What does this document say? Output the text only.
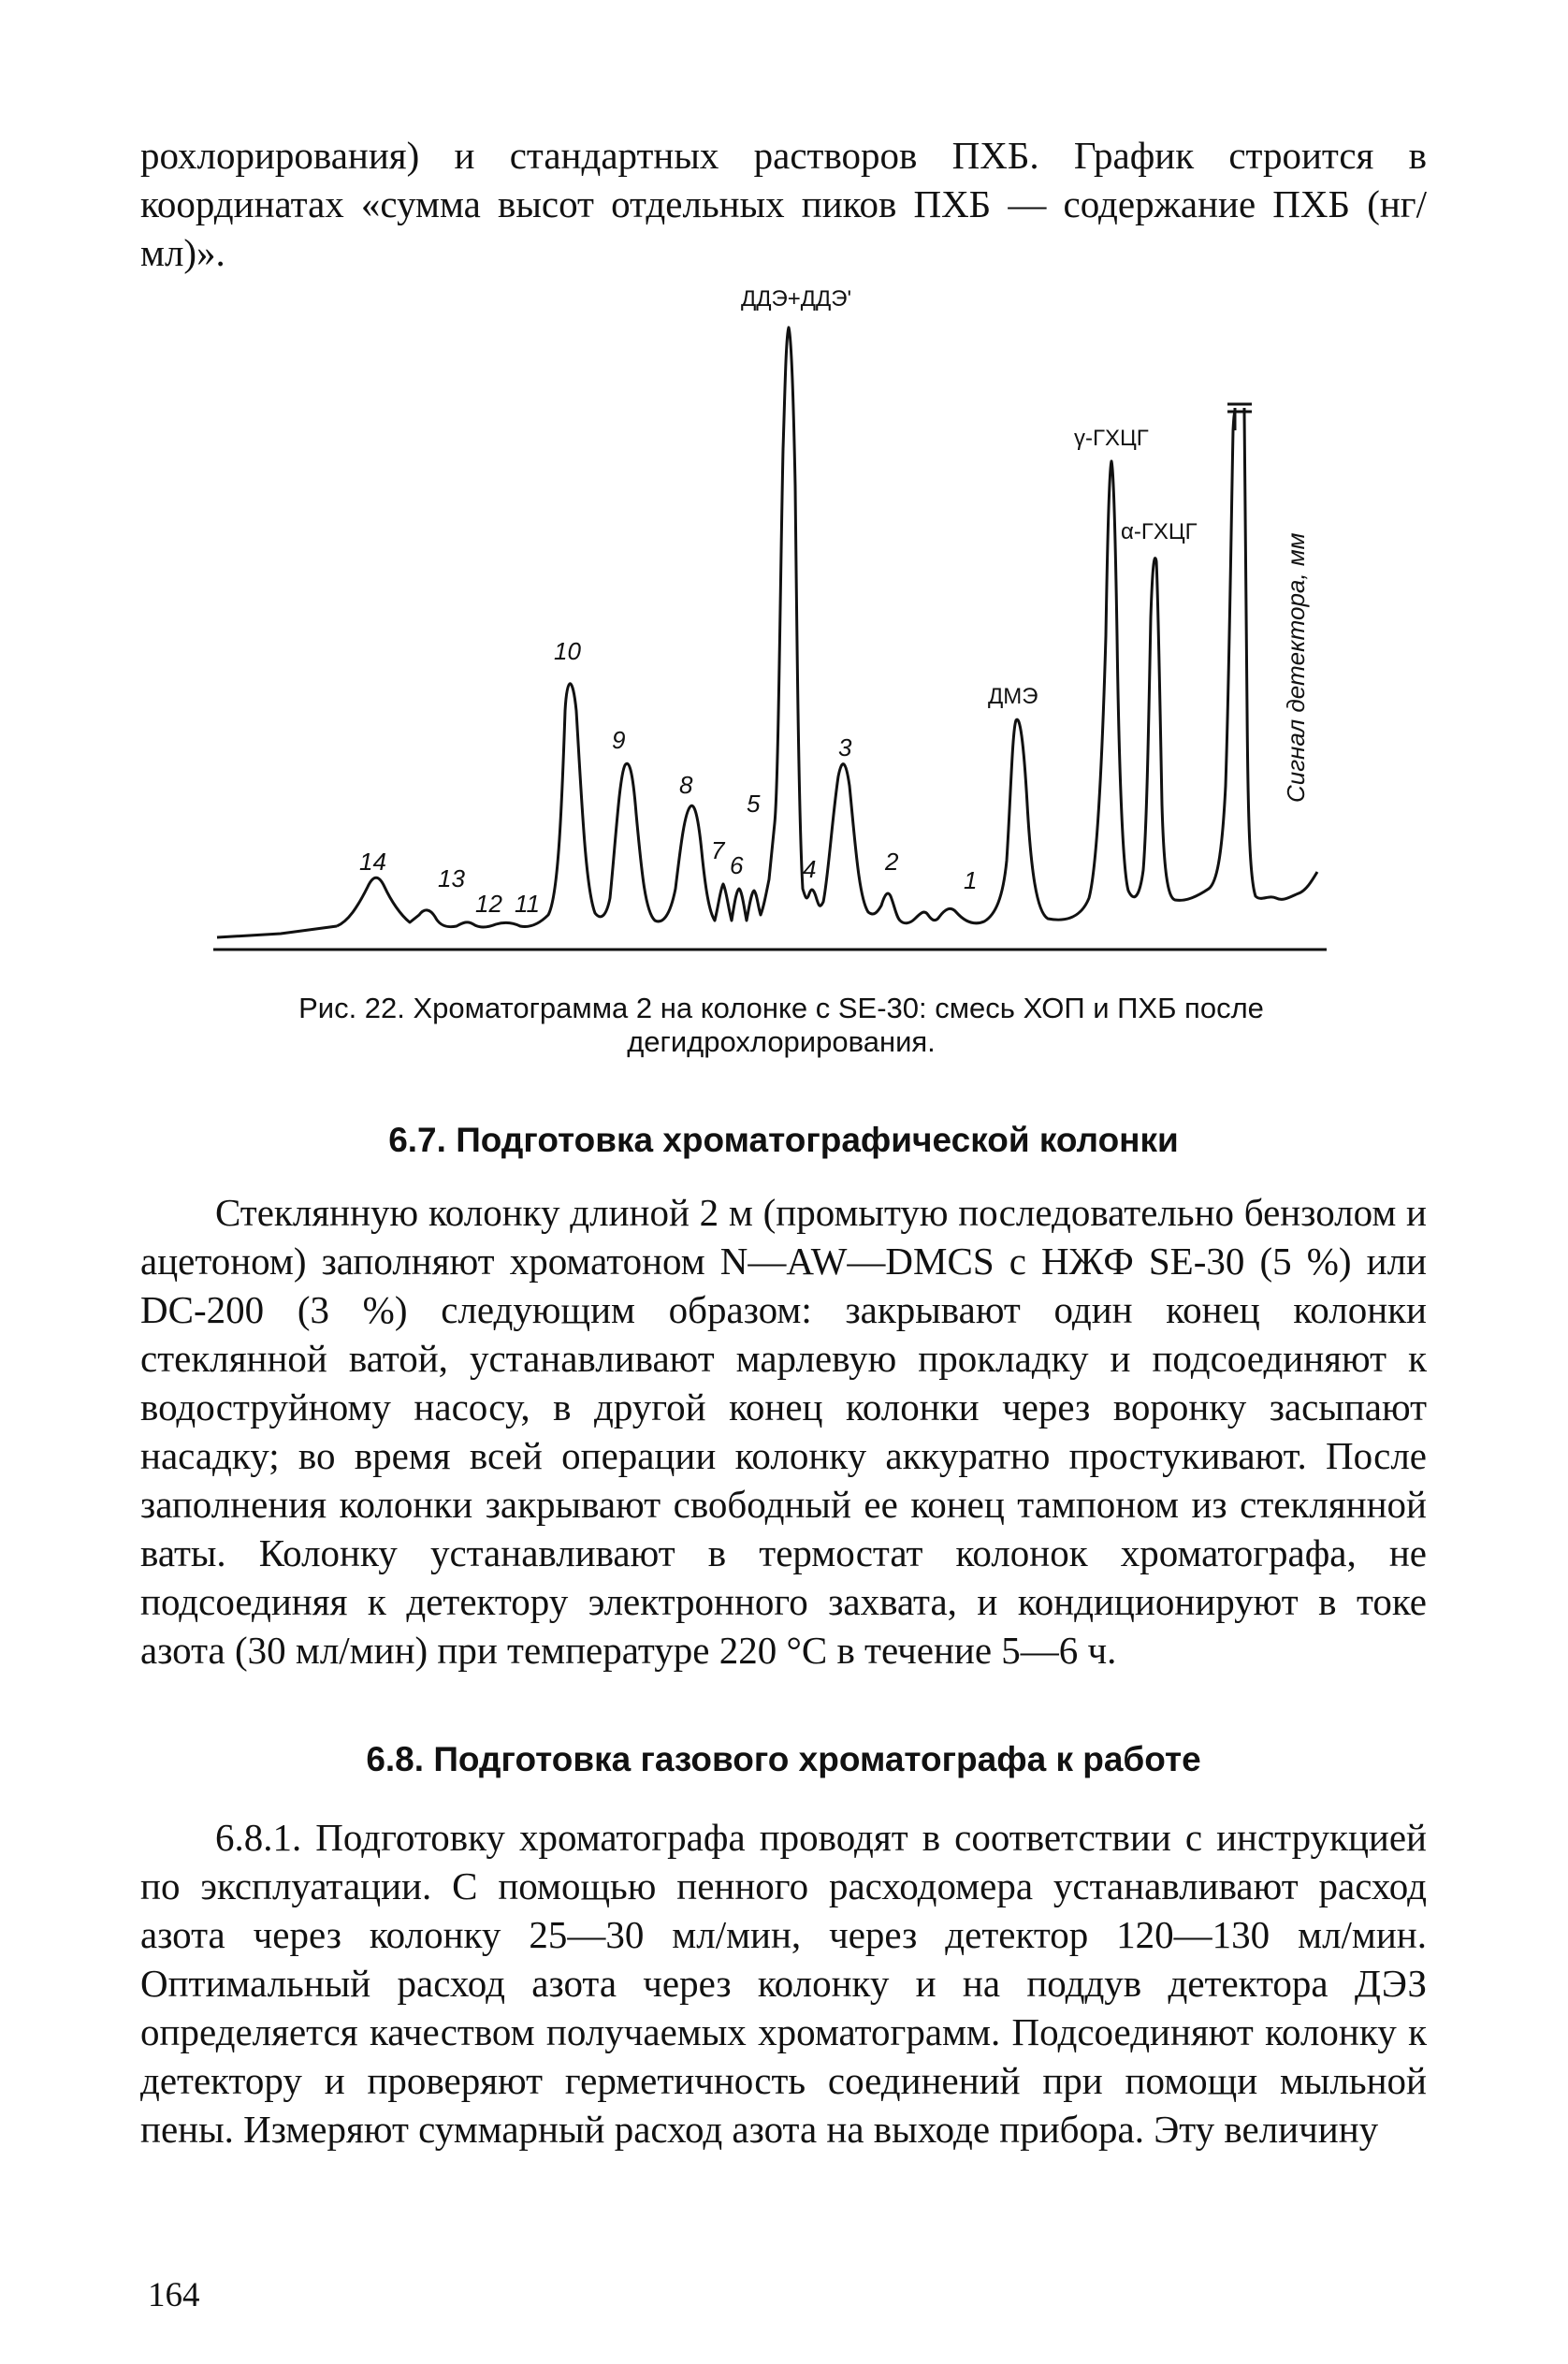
рохлорирования) и стандартных растворов ПХБ. График строится в координатах «сумма высот отдельных пиков ПХБ — содержание ПХБ (нг/мл)».

14
13
12 11
10
9
8
7
6
5
ДДЭ+ДДЭ'
4
3
2
1
ДМЭ
γ-ГХЦГ
α-ГХЦГ
Сигнал детектора, мм

Рис. 22. Хроматограмма 2 на колонке с SE-30: смесь ХОП и ПХБ после дегидрохлорирования.

6.7. Подготовка хроматографической колонки

Стеклянную колонку длиной 2 м (промытую последовательно бензолом и ацетоном) заполняют хроматоном N—AW—DMCS с НЖФ SE-30 (5 %) или DC-200 (3 %) следующим образом: закрывают один конец колонки стеклянной ватой, устанавливают марлевую прокладку и подсоединяют к водоструйному насосу, в другой конец колонки через воронку засыпают насадку; во время всей операции колонку аккуратно простукивают. После заполнения колонки закрывают свободный ее конец тампоном из стеклянной ваты. Колонку устанавливают в термостат колонок хроматографа, не подсоединяя к детектору электронного захвата, и кондиционируют в токе азота (30 мл/мин) при температуре 220 °С в течение 5—6 ч.

6.8. Подготовка газового хроматографа к работе

6.8.1. Подготовку хроматографа проводят в соответствии с инструкцией по эксплуатации. С помощью пенного расходомера устанавливают расход азота через колонку 25—30 мл/мин, через детектор 120—130 мл/мин. Оптимальный расход азота через колонку и на поддув детектора ДЭЗ определяется качеством получаемых хроматограмм. Подсоединяют колонку к детектору и проверяют герметичность соединений при помощи мыльной пены. Измеряют суммарный расход азота на выходе прибора. Эту величину

164
